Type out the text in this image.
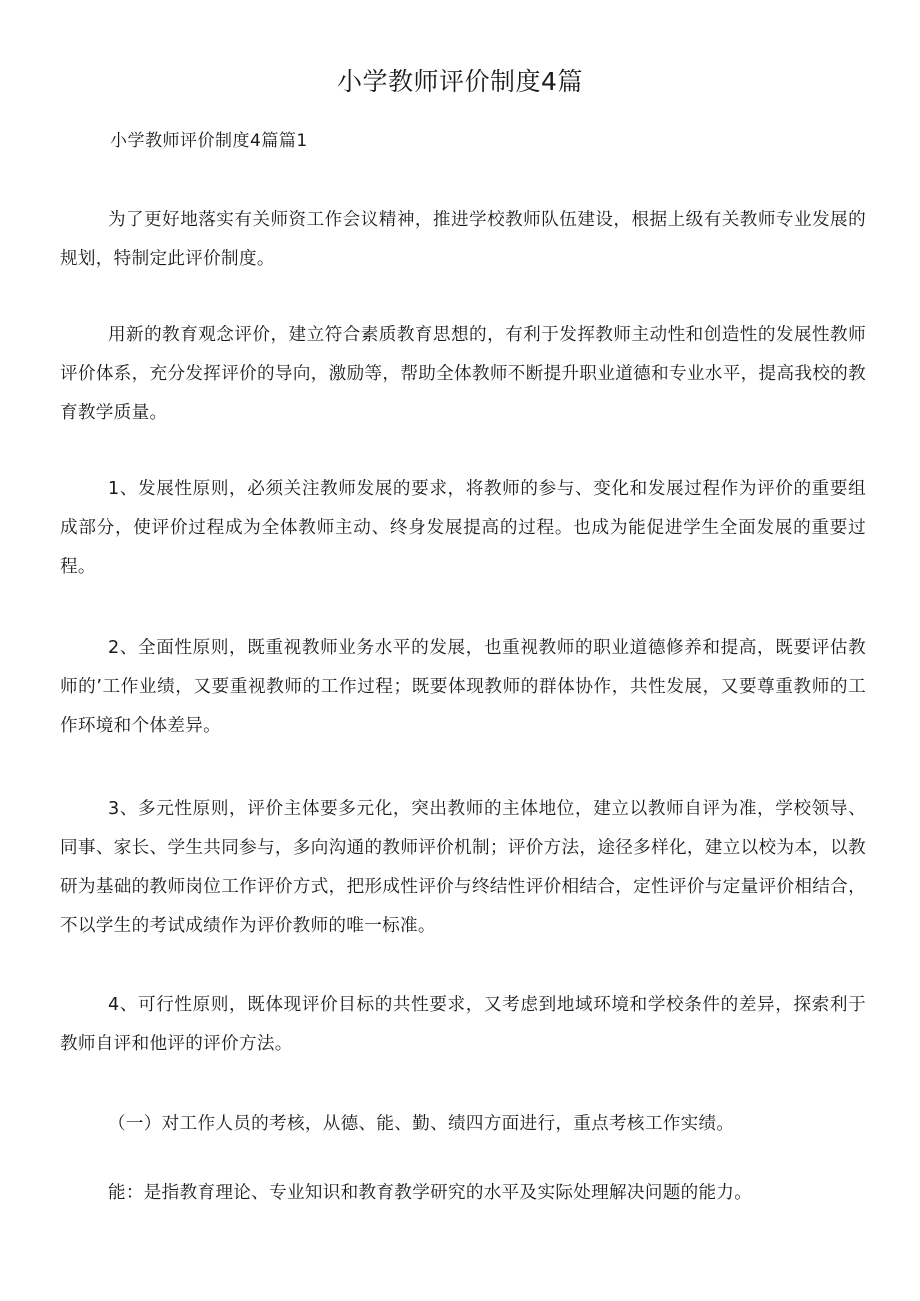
小学教师评价制度4篇
小学教师评价制度4篇篇1

为了更好地落实有关师资工作会议精神，推进学校教师队伍建设，根据上级有关教师专业发展的规划，特制定此评价制度。

用新的教育观念评价，建立符合素质教育思想的，有利于发挥教师主动性和创造性的发展性教师评价体系，充分发挥评价的导向，激励等，帮助全体教师不断提升职业道德和专业水平，提高我校的教育教学质量。

1、发展性原则，必须关注教师发展的要求，将教师的参与、变化和发展过程作为评价的重要组成部分，使评价过程成为全体教师主动、终身发展提高的过程。也成为能促进学生全面发展的重要过程。

2、全面性原则，既重视教师业务水平的发展，也重视教师的职业道德修养和提高，既要评估教师的’工作业绩，又要重视教师的工作过程；既要体现教师的群体协作，共性发展，又要尊重教师的工作环境和个体差异。

3、多元性原则，评价主体要多元化，突出教师的主体地位，建立以教师自评为准，学校领导、同事、家长、学生共同参与，多向沟通的教师评价机制；评价方法，途径多样化，建立以校为本，以教研为基础的教师岗位工作评价方式，把形成性评价与终结性评价相结合，定性评价与定量评价相结合，不以学生的考试成绩作为评价教师的唯一标准。

4、可行性原则，既体现评价目标的共性要求，又考虑到地域环境和学校条件的差异，探索利于教师自评和他评的评价方法。

（一）对工作人员的考核，从德、能、勤、绩四方面进行，重点考核工作实绩。

能：是指教育理论、专业知识和教育教学研究的水平及实际处理解决问题的能力。
